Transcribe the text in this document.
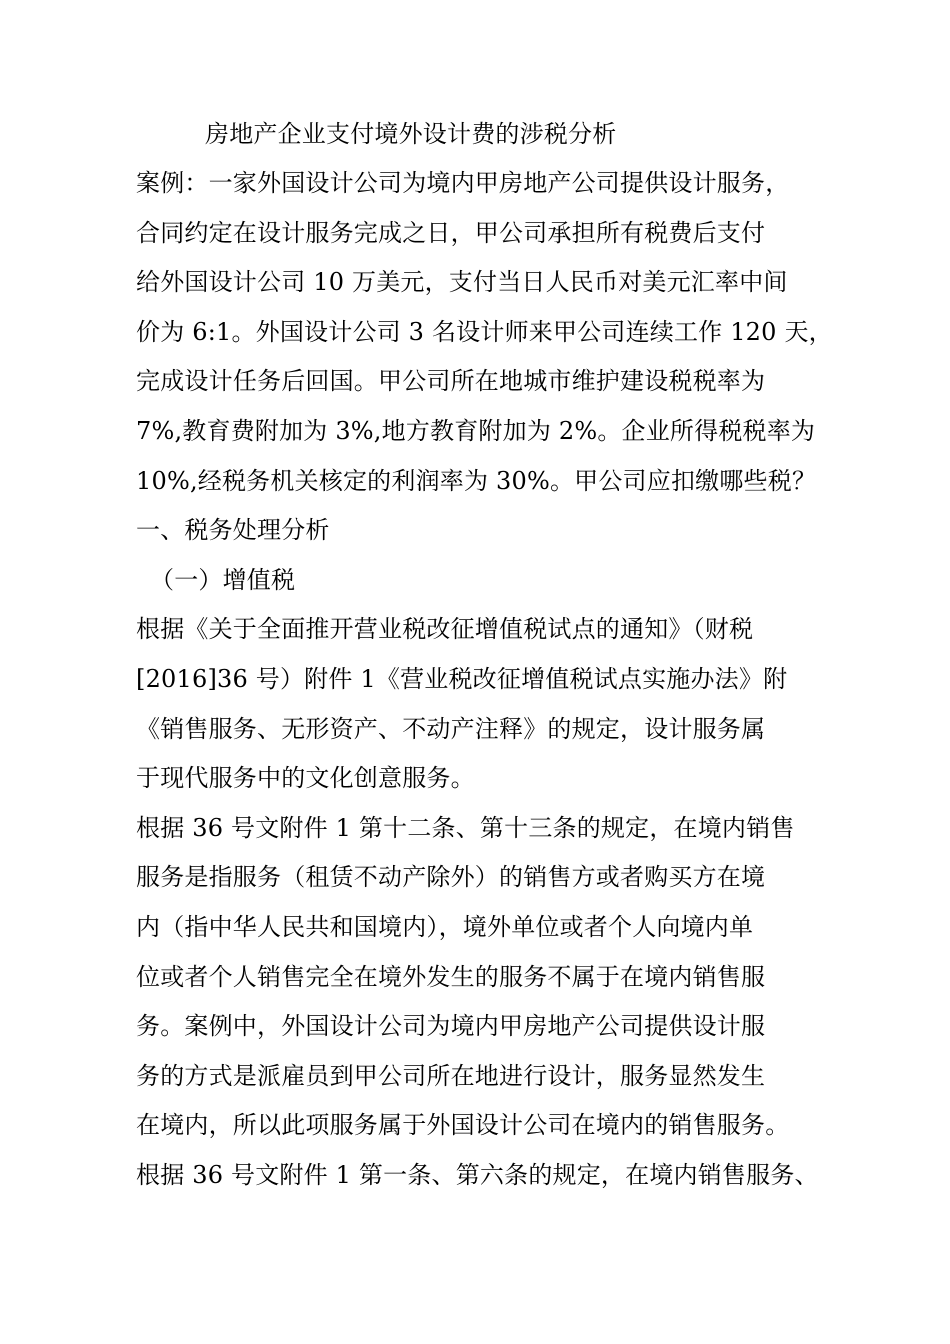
房地产企业支付境外设计费的涉税分析
案例：一家外国设计公司为境内甲房地产公司提供设计服务，
合同约定在设计服务完成之日，甲公司承担所有税费后支付
给外国设计公司 10 万美元，支付当日人民币对美元汇率中间
价为 6:1。外国设计公司 3 名设计师来甲公司连续工作 120 天，
完成设计任务后回国。甲公司所在地城市维护建设税税率为
7%,教育费附加为 3%,地方教育附加为 2%。企业所得税税率为
10%,经税务机关核定的利润率为 30%。甲公司应扣缴哪些税？
一、税务处理分析
（一）增值税
根据《关于全面推开营业税改征增值税试点的通知》（财税
[2016]36 号）附件 1《营业税改征增值税试点实施办法》附
《销售服务、无形资产、不动产注释》的规定，设计服务属
于现代服务中的文化创意服务。
根据 36 号文附件 1 第十二条、第十三条的规定，在境内销售
服务是指服务（租赁不动产除外）的销售方或者购买方在境
内（指中华人民共和国境内），境外单位或者个人向境内单
位或者个人销售完全在境外发生的服务不属于在境内销售服
务。案例中，外国设计公司为境内甲房地产公司提供设计服
务的方式是派雇员到甲公司所在地进行设计，服务显然发生
在境内，所以此项服务属于外国设计公司在境内的销售服务。
根据 36 号文附件 1 第一条、第六条的规定，在境内销售服务、
